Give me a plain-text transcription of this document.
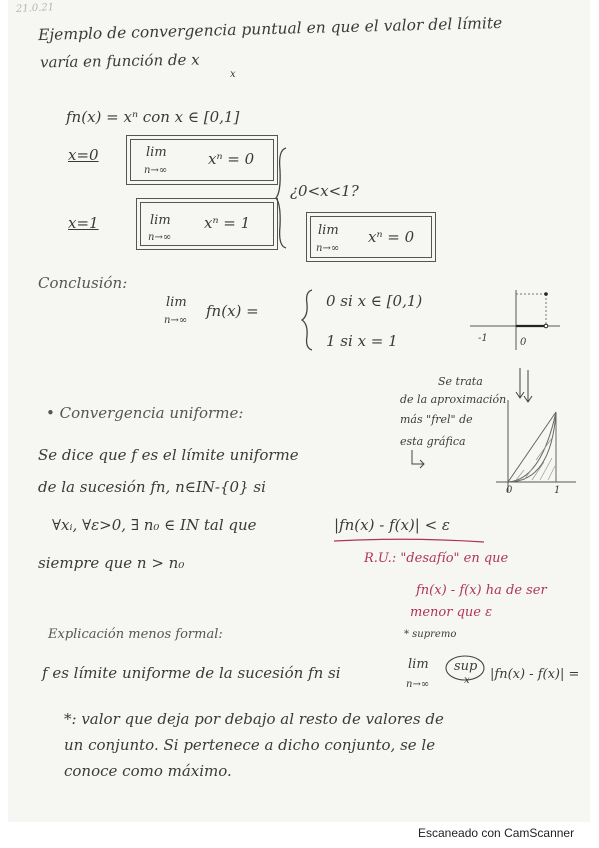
21.0.21
Ejemplo de convergencia puntual en que el valor del límite
varía en función de x
x
fn(x) = xⁿ con x ∈ [0,1]
x=0	lim
n→∞
xⁿ = 0
x=1	lim
n→∞
xⁿ = 1
¿0<x<1?
lim
n→∞
xⁿ = 0
Conclusión:
lim
n→∞
fn(x) =
0 si x ∈ [0,1)
1 si x = 1	-1	0
• Convergencia uniforme:
Se trata
de la aproximación
más "frel" de
esta gráfica
0	1
Se dice que f es el límite uniforme
de la sucesión fn, n∈IN-{0} si
∀xᵢ, ∀ε>0, ∃ n₀ ∈ IN tal que	|fn(x) - f(x)| < ε
siempre que n > n₀	R.U.: "desafío" en que
fn(x) - f(x) ha de ser
menor que ε
Explicación menos formal:	* supremo
f es límite uniforme de la sucesión fn si	lim
n→∞
sup
x |fn(x) - f(x)| =
*: valor que deja por debajo al resto de valores de
un conjunto. Si pertenece a dicho conjunto, se le
conoce como máximo.
Escaneado con CamScanner
